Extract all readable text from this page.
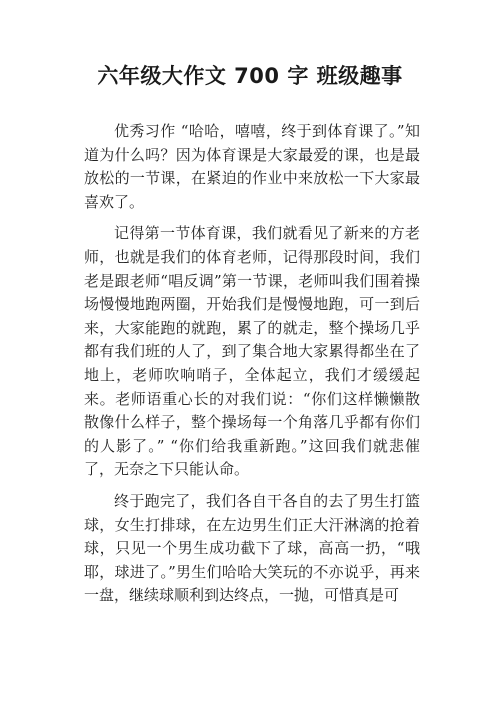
六年级大作文 700 字 班级趣事

优秀习作 “哈哈，嘻嘻，终于到体育课了。”知道为什么吗？因为体育课是大家最爱的课，也是最放松的一节课，在紧迫的作业中来放松一下大家最喜欢了。

记得第一节体育课，我们就看见了新来的方老师，也就是我们的体育老师，记得那段时间，我们老是跟老师“唱反调”第一节课，老师叫我们围着操场慢慢地跑两圈，开始我们是慢慢地跑，可一到后来，大家能跑的就跑，累了的就走，整个操场几乎都有我们班的人了，到了集合地大家累得都坐在了地上，老师吹响哨子，全体起立，我们才缓缓起来。老师语重心长的对我们说：“你们这样懒懒散散像什么样子，整个操场每一个角落几乎都有你们的人影了。” “你们给我重新跑。”这回我们就悲催了，无奈之下只能认命。

终于跑完了，我们各自干各自的去了男生打篮球，女生打排球，在左边男生们正大汗淋漓的抢着球，只见一个男生成功截下了球，高高一扔，“哦耶，球进了。”男生们哈哈大笑玩的不亦说乎，再来一盘，继续球顺利到达终点，一抛，可惜真是可
